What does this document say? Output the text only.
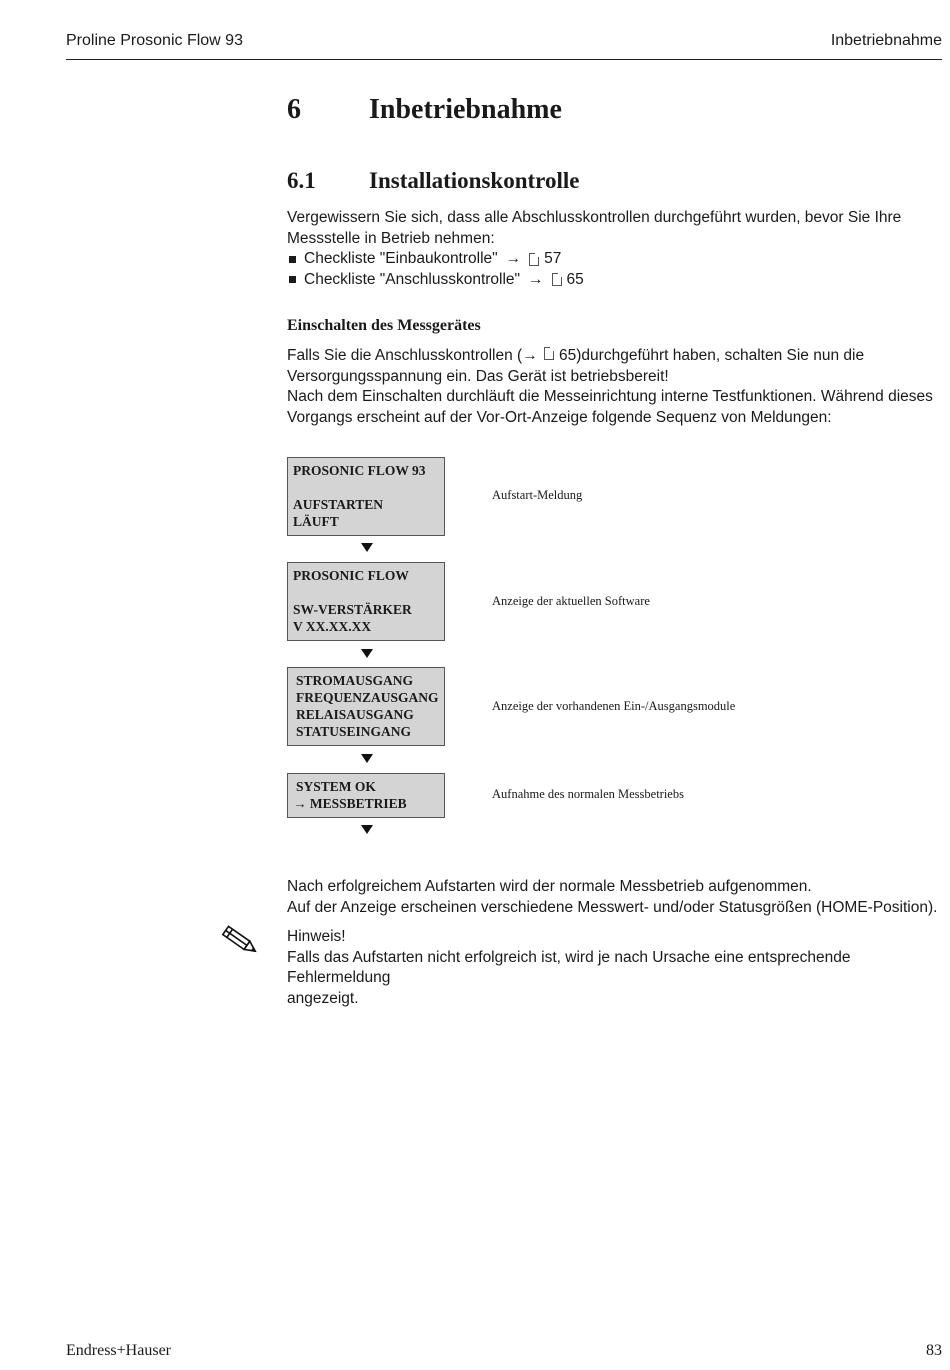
Proline Prosonic Flow 93	Inbetriebnahme
6 Inbetriebnahme
6.1 Installationskontrolle
Vergewissern Sie sich, dass alle Abschlusskontrollen durchgeführt wurden, bevor Sie Ihre
Messstelle in Betrieb nehmen:
Checkliste "Einbaukontrolle" → 57
Checkliste "Anschlusskontrolle" → 65
Einschalten des Messgerätes
Falls Sie die Anschlusskontrollen (→ 65)durchgeführt haben, schalten Sie nun die
Versorgungsspannung ein. Das Gerät ist betriebsbereit!
Nach dem Einschalten durchläuft die Messeinrichtung interne Testfunktionen. Während dieses
Vorgangs erscheint auf der Vor-Ort-Anzeige folgende Sequenz von Meldungen:
PROSONIC FLOW 93
AUFSTARTEN
LÄUFT
Aufstart-Meldung
PROSONIC FLOW
SW-VERSTÄRKER
V XX.XX.XX
Anzeige der aktuellen Software
STROMAUSGANG
FREQUENZAUSGANG
RELAISAUSGANG
STATUSEINGANG
Anzeige der vorhandenen Ein-/Ausgangsmodule
SYSTEM OK
→ MESSBETRIEB
Aufnahme des normalen Messbetriebs
Nach erfolgreichem Aufstarten wird der normale Messbetrieb aufgenommen.
Auf der Anzeige erscheinen verschiedene Messwert- und/oder Statusgrößen (HOME-Position).
Hinweis!
Falls das Aufstarten nicht erfolgreich ist, wird je nach Ursache eine entsprechende Fehlermeldung
angezeigt.
Endress+Hauser	83
